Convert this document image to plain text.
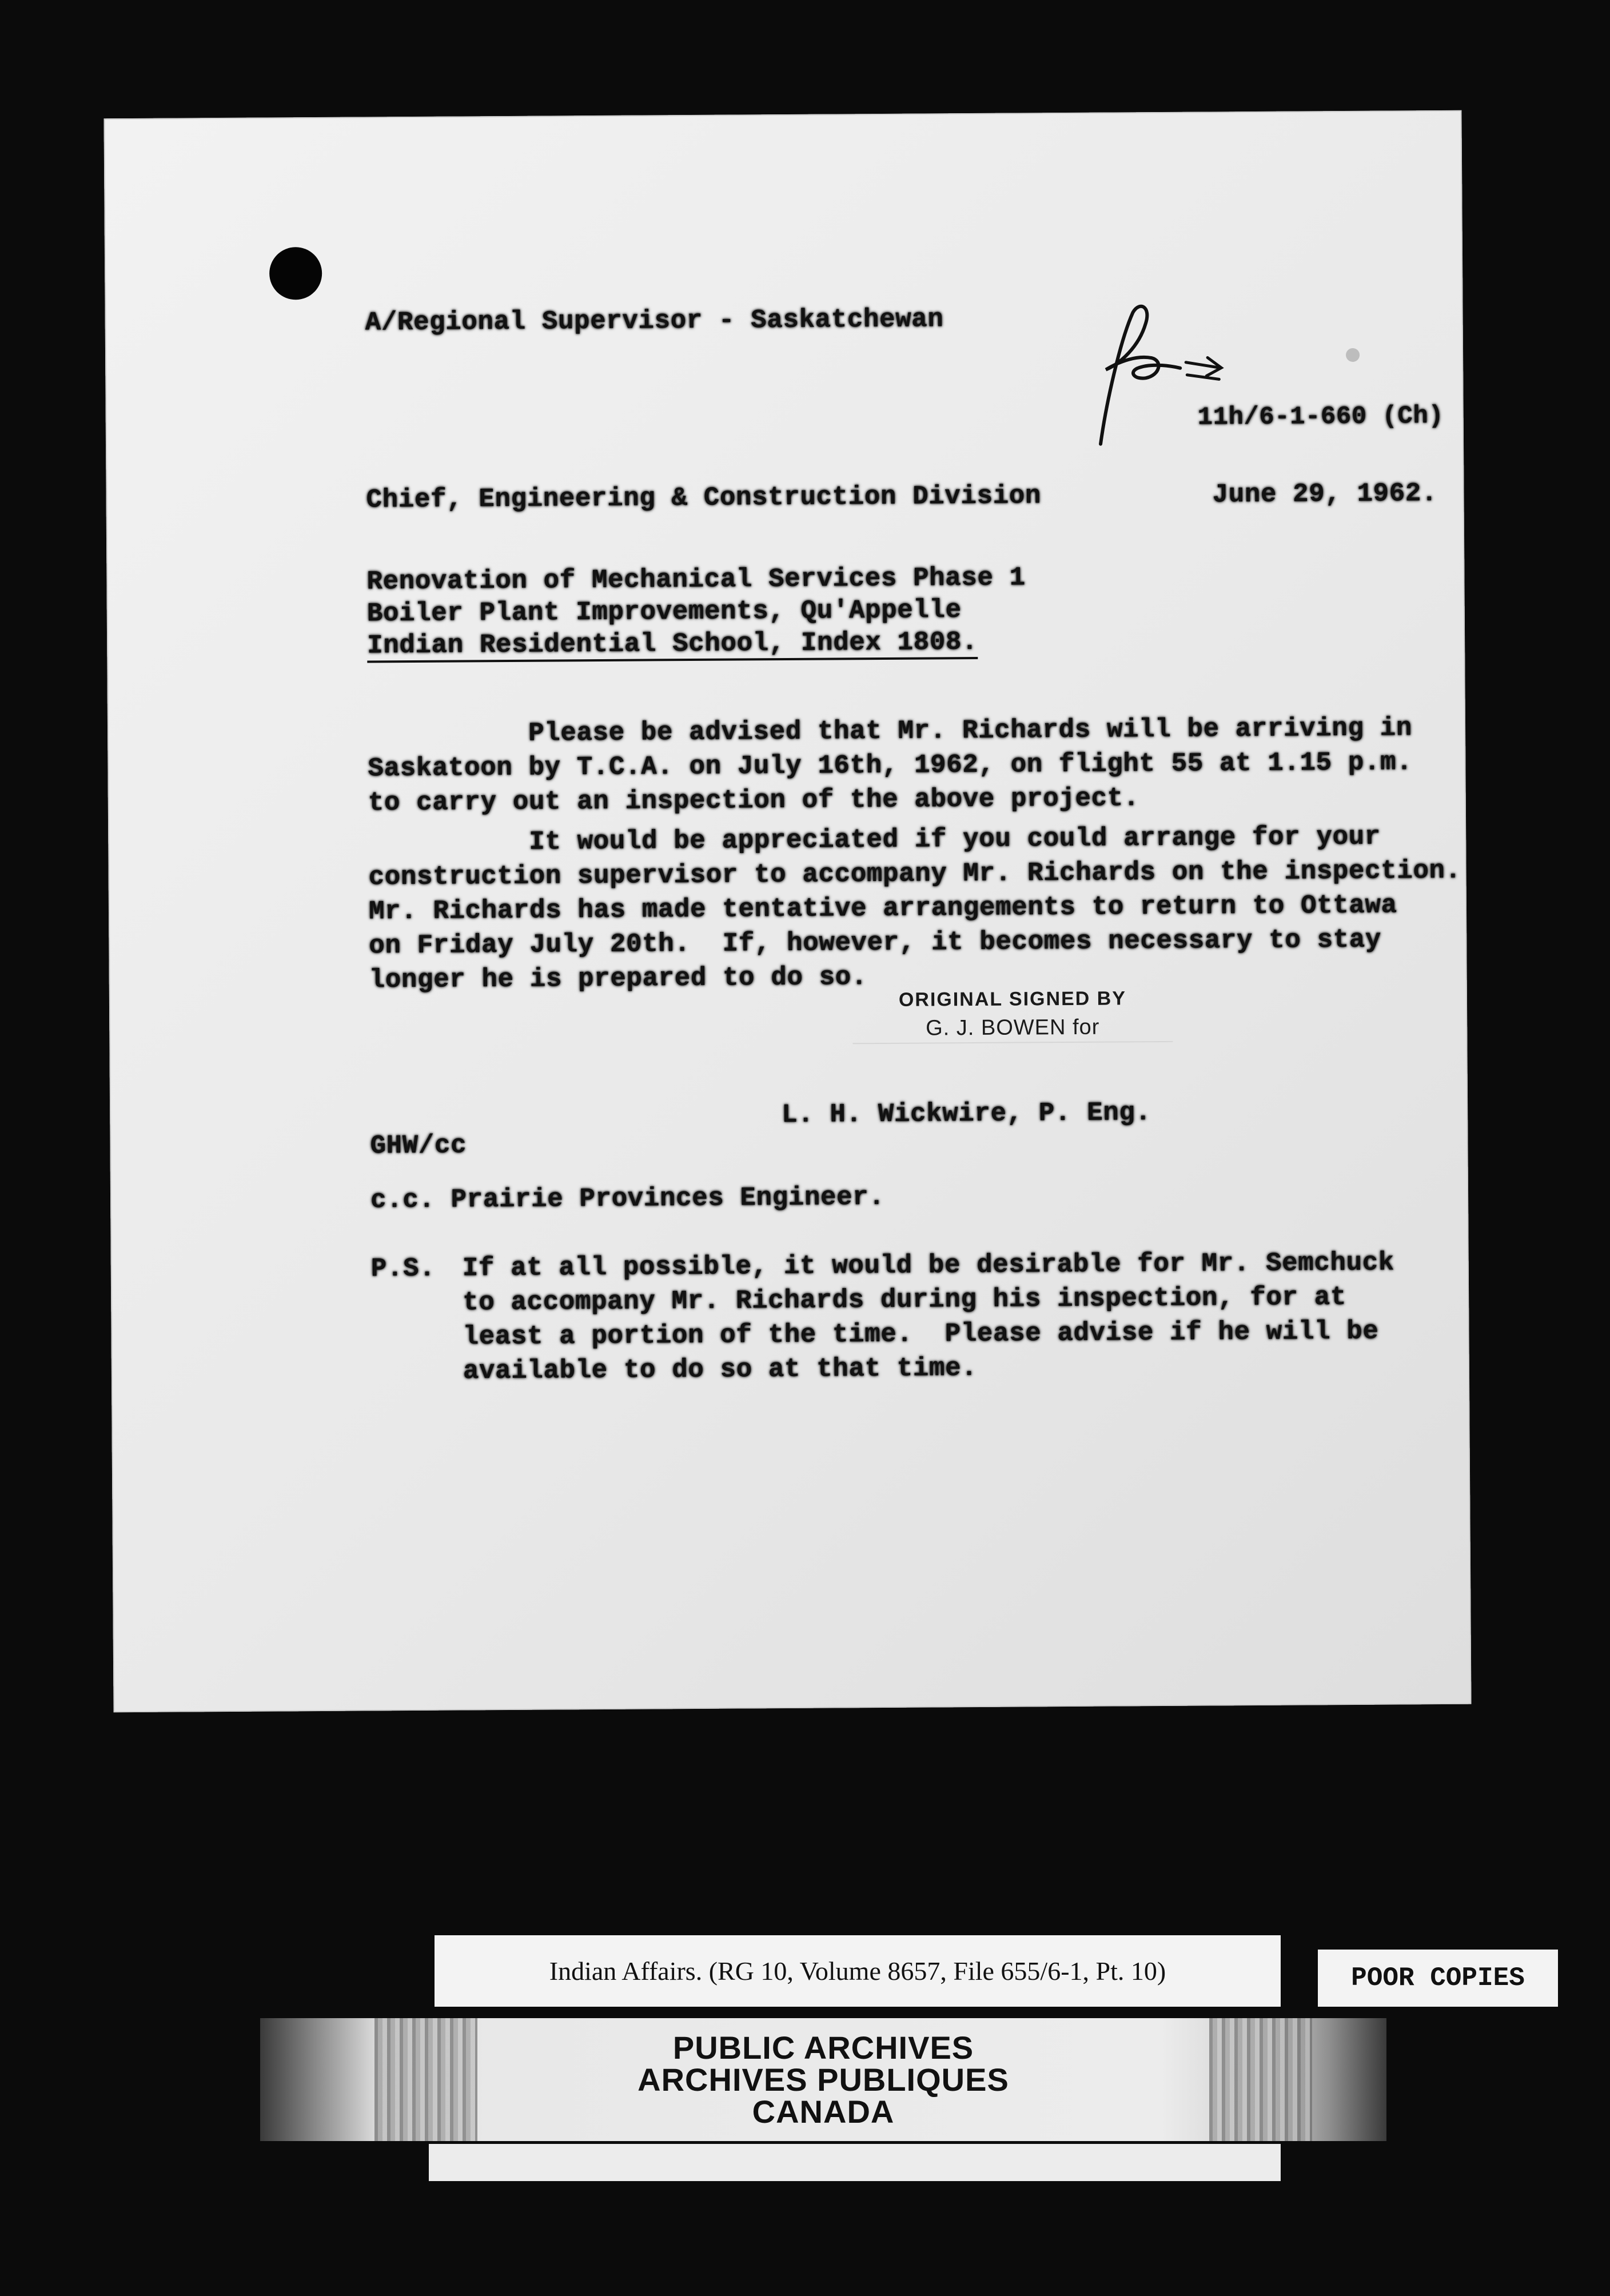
A/Regional Supervisor - Saskatchewan
11h/6-1-660 (Ch)
Chief, Engineering & Construction Division	June 29, 1962.
Renovation of Mechanical Services Phase 1
Boiler Plant Improvements, Qu'Appelle
Indian Residential School, Index 1808.
Please be advised that Mr. Richards will be arriving in
Saskatoon by T.C.A. on July 16th, 1962, on flight 55 at 1.15 p.m.
to carry out an inspection of the above project.
It would be appreciated if you could arrange for your
construction supervisor to accompany Mr. Richards on the inspection.
Mr. Richards has made tentative arrangements to return to Ottawa
on Friday July 20th.  If, however, it becomes necessary to stay
longer he is prepared to do so.
ORIGINAL SIGNED BY
G. J. BOWEN for
L. H. Wickwire, P. Eng.
GHW/cc
c.c. Prairie Provinces Engineer.
P.S. If at all possible, it would be desirable for Mr. Semchuck
to accompany Mr. Richards during his inspection, for at
least a portion of the time.  Please advise if he will be
available to do so at that time.
Indian Affairs. (RG 10, Volume 8657, File 655/6-1, Pt. 10)	POOR COPIES
PUBLIC ARCHIVES
ARCHIVES PUBLIQUES
CANADA
